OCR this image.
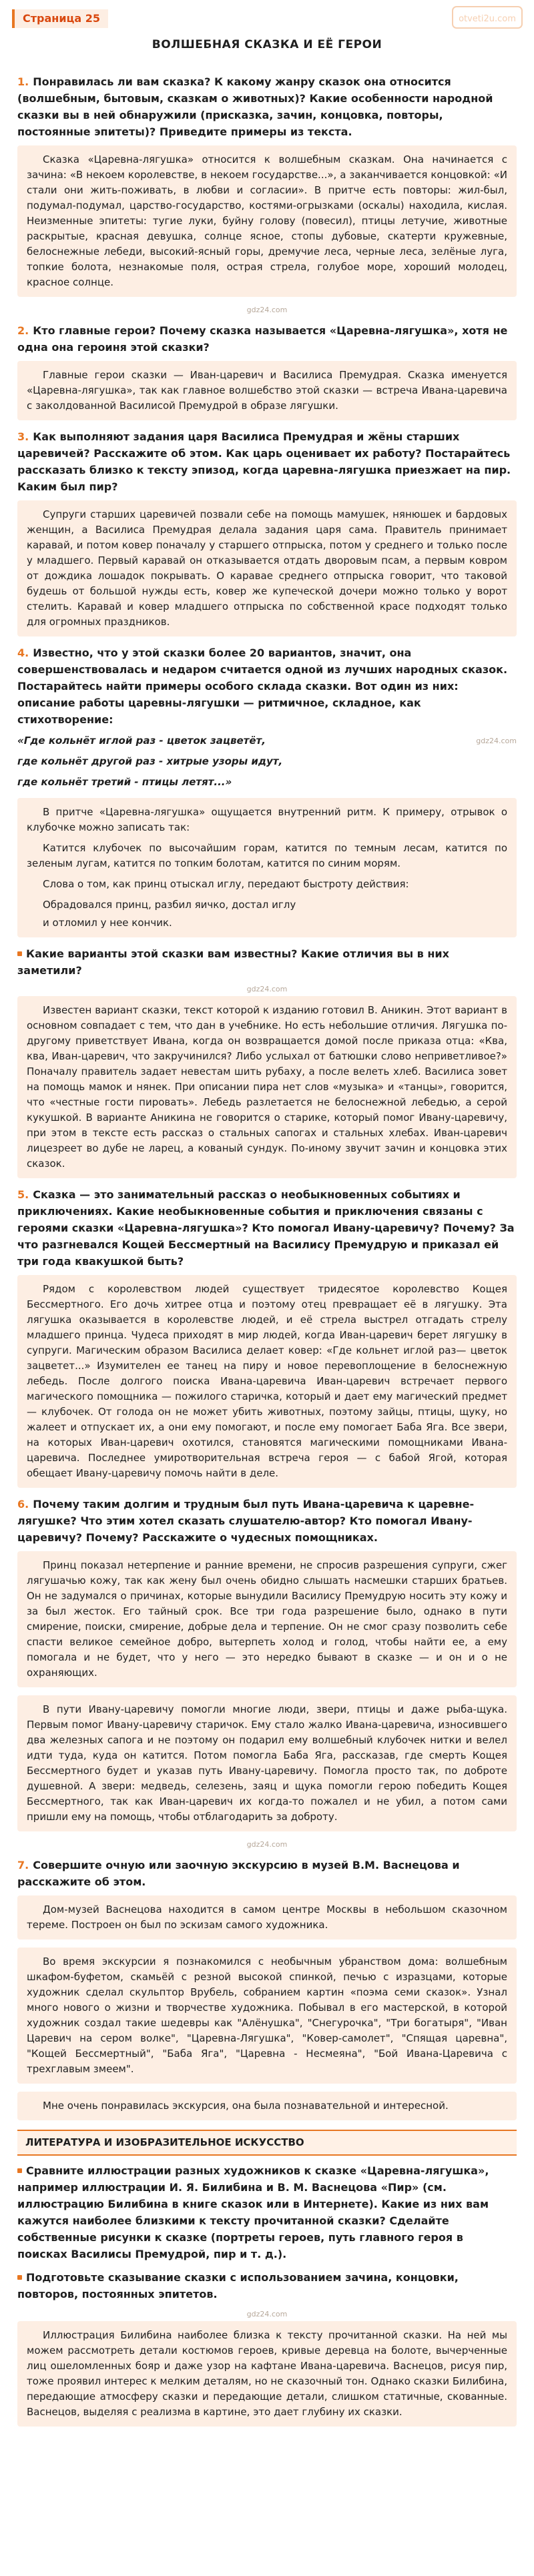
Страница 25	otveti2u.com
ВОЛШЕБНАЯ СКАЗКА И ЕЁ ГЕРОИ
1. Понравилась ли вам сказка? К какому жанру сказок она относится (волшебным, бытовым, сказкам о животных)? Какие особенности народной сказки вы в ней обнаружили (присказка, зачин, концовка, повторы, постоянные эпитеты)? Приведите примеры из текста.
Сказка «Царевна-лягушка» относится к волшебным сказкам. Она начинается с зачина: «В некоем королевстве, в некоем государстве...», а заканчивается концовкой: «И стали они жить-поживать, в любви и согласии». В притче есть повторы: жил-был, подумал-подумал, царство-государство, костями-огрызками (оскалы) находила, кислая. Неизменные эпитеты: тугие луки, буйну голову (повесил), птицы летучие, животные раскрытые, красная девушка, солнце ясное, стопы дубовые, скатерти кружевные, белоснежные лебеди, высокий-ясный горы, дремучие леса, черные леса, зелёные луга, топкие болота, незнакомые поля, острая стрела, голубое море, хороший молодец, красное солнце.
gdz24.com
2. Кто главные герои? Почему сказка называется «Царевна-лягушка», хотя не одна она героиня этой сказки?
Главные герои сказки — Иван-царевич и Василиса Премудрая. Сказка именуется «Царевна-лягушка», так как главное волшебство этой сказки — встреча Ивана-царевича с заколдованной Василисой Премудрой в образе лягушки.
3. Как выполняют задания царя Василиса Премудрая и жёны старших царевичей? Расскажите об этом. Как царь оценивает их работу? Постарайтесь рассказать близко к тексту эпизод, когда царевна-лягушка приезжает на пир. Каким был пир?
Супруги старших царевичей позвали себе на помощь мамушек, нянюшек и бардовых женщин, а Василиса Премудрая делала задания царя сама. Правитель принимает каравай, и потом ковер поначалу у старшего отпрыска, потом у среднего и только после у младшего. Первый каравай он отказывается отдать дворовым псам, а первым ковром от дождика лошадок покрывать. О каравае среднего отпрыска говорит, что таковой будешь от большой нужды есть, ковер же купеческой дочери можно только у ворот стелить. Каравай и ковер младшего отпрыска по собственной красе подходят только для огромных праздников.
4. Известно, что у этой сказки более 20 вариантов, значит, она совершенствовалась и недаром считается одной из лучших народных сказок. Постарайтесь найти примеры особого склада сказки. Вот один из них: описание работы царевны-лягушки — ритмичное, складное, как стихотворение:
«Где кольнёт иглой раз - цветок зацветёт,	gdz24.com
где кольнёт другой раз - хитрые узоры идут,
где кольнёт третий - птицы летят...»
В притче «Царевна-лягушка» ощущается внутренний ритм. К примеру, отрывок о клубочке можно записать так:
Катится клубочек по высочайшим горам, катится по темным лесам, катится по зеленым лугам, катится по топким болотам, катится по синим морям.
Слова о том, как принц отыскал иглу, передают быстроту действия:
Обрадовался принц, разбил яичко, достал иглу
и отломил у нее кончик.
Какие варианты этой сказки вам известны? Какие отличия вы в них заметили?
gdz24.com
Известен вариант сказки, текст которой к изданию готовил В. Аникин. Этот вариант в основном совпадает с тем, что дан в учебнике. Но есть небольшие отличия. Лягушка по-другому приветствует Ивана, когда он возвращается домой после приказа отца: «Ква, ква, Иван-царевич, что закручинился? Либо услыхал от батюшки слово неприветливое?» Поначалу правитель задает невестам шить рубаху, а после велеть хлеб. Василиса зовет на помощь мамок и нянек. При описании пира нет слов «музыка» и «танцы», говорится, что «честные гости пировать». Лебедь разлетается не белоснежной лебедью, а серой кукушкой. В варианте Аникина не говорится о старике, который помог Ивану-царевичу, при этом в тексте есть рассказ о стальных сапогах и стальных хлебах. Иван-царевич лицезреет во дубе не ларец, а кованый сундук. По-иному звучит зачин и концовка этих сказок.
5. Сказка — это занимательный рассказ о необыкновенных событиях и приключениях. Какие необыкновенные события и приключения связаны с героями сказки «Царевна-лягушка»? Кто помогал Ивану-царевичу? Почему? За что разгневался Кощей Бессмертный на Василису Премудрую и приказал ей три года квакушкой быть?
Рядом с королевством людей существует тридесятое королевство Кощея Бессмертного. Его дочь хитрее отца и поэтому отец превращает её в лягушку. Эта лягушка оказывается в королевстве людей, и её стрела выстрел отгадать стрелу младшего принца. Чудеса приходят в мир людей, когда Иван-царевич берет лягушку в супруги. Магическим образом Василиса делает ковер: «Где кольнет иглой раз— цветок зацветет...» Изумителен ее танец на пиру и новое перевоплощение в белоснежную лебедь. После долгого поиска Ивана-царевича Иван-царевич встречает первого магического помощника — пожилого старичка, который и дает ему магический предмет— клубочек. От голода он не может убить животных, поэтому зайцы, птицы, щуку, но жалеет и отпускает их, а они ему помогают, и после ему помогает Баба Яга. Все звери, на которых Иван-царевич охотился, становятся магическими помощниками Ивана-царевича. Последнее умиротворительная встреча героя — с бабой Ягой, которая обещает Ивану-царевичу помочь найти в деле.
6. Почему таким долгим и трудным был путь Ивана-царевича к царевне-лягушке? Что этим хотел сказать слушателю-автор? Кто помогал Ивану-царевичу? Почему? Расскажите о чудесных помощниках.
Принц показал нетерпение и ранние времени, не спросив разрешения супруги, сжег лягушачью кожу, так как жену был очень обидно слышать насмешки старших братьев. Он не задумался о причинах, которые вынудили Василису Премудрую носить эту кожу и за был жесток. Его тайный срок. Все три года разрешение было, однако в пути смирение, поиски, смирение, добрые дела и терпение. Он не смог сразу позволить себе спасти великое семейное добро, вытерпеть холод и голод, чтобы найти ее, а ему помогала и не будет, что у него — это нередко бывают в сказке — и он и о не охраняющих.
В пути Ивану-царевичу помогли многие люди, звери, птицы и даже рыба-щука. Первым помог Ивану-царевичу старичок. Ему стало жалко Ивана-царевича, износившего два железных сапога и не поэтому он подарил ему волшебный клубочек нитки и велел идти туда, куда он катится. Потом помогла Баба Яга, рассказав, где смерть Кощея Бессмертного будет и указав путь Ивану-царевичу. Помогла просто так, по доброте душевной. А звери: медведь, селезень, заяц и щука помогли герою победить Кощея Бессмертного, так как Иван-царевич их когда-то пожалел и не убил, а потом сами пришли ему на помощь, чтобы отблагодарить за доброту.
gdz24.com
7. Совершите очную или заочную экскурсию в музей В.М. Васнецова и расскажите об этом.
Дом-музей Васнецова находится в самом центре Москвы в небольшом сказочном тереме. Построен он был по эскизам самого художника.
Во время экскурсии я познакомился с необычным убранством дома: волшебным шкафом-буфетом, скамьёй с резной высокой спинкой, печью с изразцами, которые художник сделал скульптор Врубель, собранием картин «поэма семи сказок». Узнал много нового о жизни и творчестве художника. Побывал в его мастерской, в которой художник создал такие шедевры как "Алёнушка", "Снегурочка", "Три богатыря", "Иван Царевич на сером волке", "Царевна-Лягушка", "Ковер-самолет", "Спящая царевна", "Кощей Бессмертный", "Баба Яга", "Царевна - Несмеяна", "Бой Ивана-Царевича с трехглавым змеем".
Мне очень понравилась экскурсия, она была познавательной и интересной.
ЛИТЕРАТУРА И ИЗОБРАЗИТЕЛЬНОЕ ИСКУССТВО
Сравните иллюстрации разных художников к сказке «Царевна-лягушка», например иллюстрации И. Я. Билибина и В. М. Васнецова «Пир» (см. иллюстрацию Билибина в книге сказок или в Интернете). Какие из них вам кажутся наиболее близкими к тексту прочитанной сказки? Сделайте собственные рисунки к сказке (портреты героев, путь главного героя в поисках Василисы Премудрой, пир и т. д.).
Подготовьте сказывание сказки с использованием зачина, концовки, повторов, постоянных эпитетов.
gdz24.com
Иллюстрация Билибина наиболее близка к тексту прочитанной сказки. На ней мы можем рассмотреть детали костюмов героев, кривые деревца на болоте, вычерченные лиц ошеломленных бояр и даже узор на кафтане Ивана-царевича. Васнецов, рисуя пир, тоже проявил интерес к мелким деталям, но не сказочный тон. Однако сказки Билибина, передающие атмосферу сказки и передающие детали, слишком статичные, скованные. Васнецов, выделяя с реализма в картине, это дает глубину их сказки.
